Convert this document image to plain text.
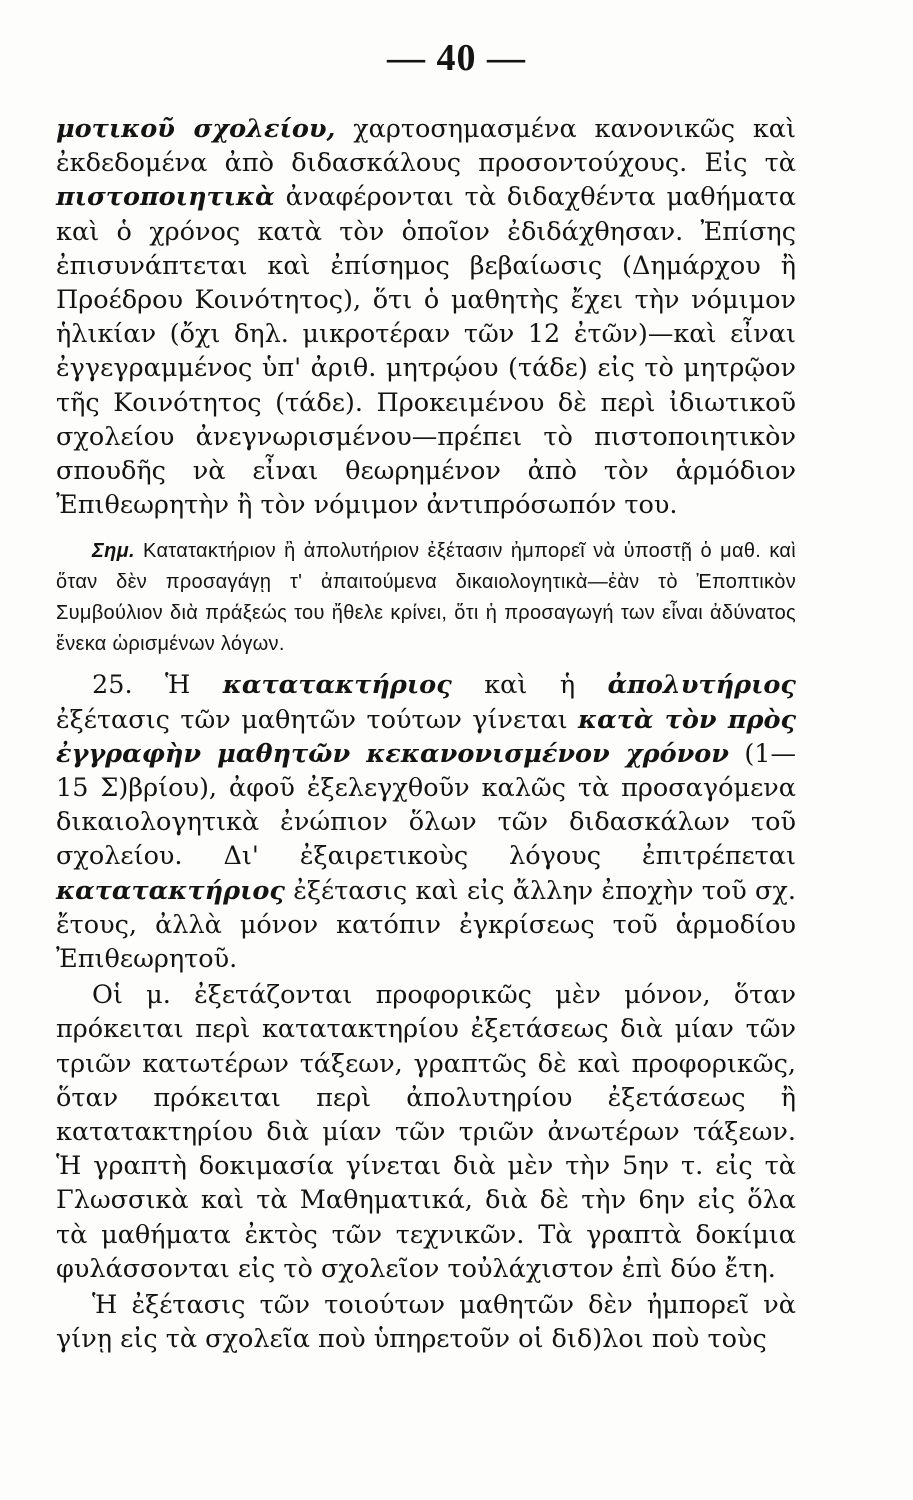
— 40 —

μοτικοῦ σχολείου, χαρτοσημασμένα κανονικῶς καὶ ἐκδεδομένα ἀπὸ διδασκάλους προσοντούχους. Εἰς τὰ πιστοποιητικὰ ἀναφέρονται τὰ διδαχθέντα μαθήματα καὶ ὁ χρόνος κατὰ τὸν ὁποῖον ἐδιδάχθησαν. Ἐπίσης ἐπισυνάπτεται καὶ ἐπίσημος βεβαίωσις (Δημάρχου ἢ Προέδρου Κοινότητος), ὅτι ὁ μαθητὴς ἔχει τὴν νόμιμον ἡλικίαν (ὄχι δηλ. μικροτέραν τῶν 12 ἐτῶν)—καὶ εἶναι ἐγγεγραμμένος ὑπ' ἀριθ. μητρῴου (τάδε) εἰς τὸ μητρῷον τῆς Κοινότητος (τάδε). Προκειμένου δὲ περὶ ἰδιωτικοῦ σχολείου ἀνεγνωρισμένου—πρέπει τὸ πιστοποιητικὸν σπουδῆς νὰ εἶναι θεωρημένον ἀπὸ τὸν ἁρμόδιον Ἐπιθεωρητὴν ἢ τὸν νόμιμον ἀντιπρόσωπόν του.

Σημ. Κατατακτήριον ἢ ἀπολυτήριον ἐξέτασιν ἠμπορεῖ νὰ ὑποστῇ ὁ μαθ. καὶ ὅταν δὲν προσαγάγῃ τ' ἀπαιτούμενα δικαιολογητικὰ—ἐὰν τὸ Ἐποπτικὸν Συμβούλιον διὰ πράξεώς του ἤθελε κρίνει, ὅτι ἡ προσαγωγή των εἶναι ἀδύνατος ἕνεκα ὡρισμένων λόγων.

25. Ἡ κατατακτήριος καὶ ἡ ἀπολυτήριος ἐξέτασις τῶν μαθητῶν τούτων γίνεται κατὰ τὸν πρὸς ἐγγραφὴν μαθητῶν κεκανονισμένον χρόνον (1—15 Σ)βρίου), ἀφοῦ ἐξελεγχθοῦν καλῶς τὰ προσαγόμενα δικαιολογητικὰ ἐνώπιον ὅλων τῶν διδασκάλων τοῦ σχολείου. Δι' ἐξαιρετικοὺς λόγους ἐπιτρέπεται κατατακτήριος ἐξέτασις καὶ εἰς ἄλλην ἐποχὴν τοῦ σχ. ἔτους, ἀλλὰ μόνον κατόπιν ἐγκρίσεως τοῦ ἁρμοδίου Ἐπιθεωρητοῦ.

Οἱ μ. ἐξετάζονται προφορικῶς μὲν μόνον, ὅταν πρόκειται περὶ κατατακτηρίου ἐξετάσεως διὰ μίαν τῶν τριῶν κατωτέρων τάξεων, γραπτῶς δὲ καὶ προφορικῶς, ὅταν πρόκειται περὶ ἀπολυτηρίου ἐξετάσεως ἢ κατατακτηρίου διὰ μίαν τῶν τριῶν ἀνωτέρων τάξεων. Ἡ γραπτὴ δοκιμασία γίνεται διὰ μὲν τὴν 5ην τ. εἰς τὰ Γλωσσικὰ καὶ τὰ Μαθηματικά, διὰ δὲ τὴν 6ην εἰς ὅλα τὰ μαθήματα ἐκτὸς τῶν τεχνικῶν. Τὰ γραπτὰ δοκίμια φυλάσσονται εἰς τὸ σχολεῖον τοὐλάχιστον ἐπὶ δύο ἔτη.

Ἡ ἐξέτασις τῶν τοιούτων μαθητῶν δὲν ἠμπορεῖ νὰ γίνῃ εἰς τὰ σχολεῖα ποὺ ὑπηρετοῦν οἱ διδ)λοι ποὺ τοὺς
